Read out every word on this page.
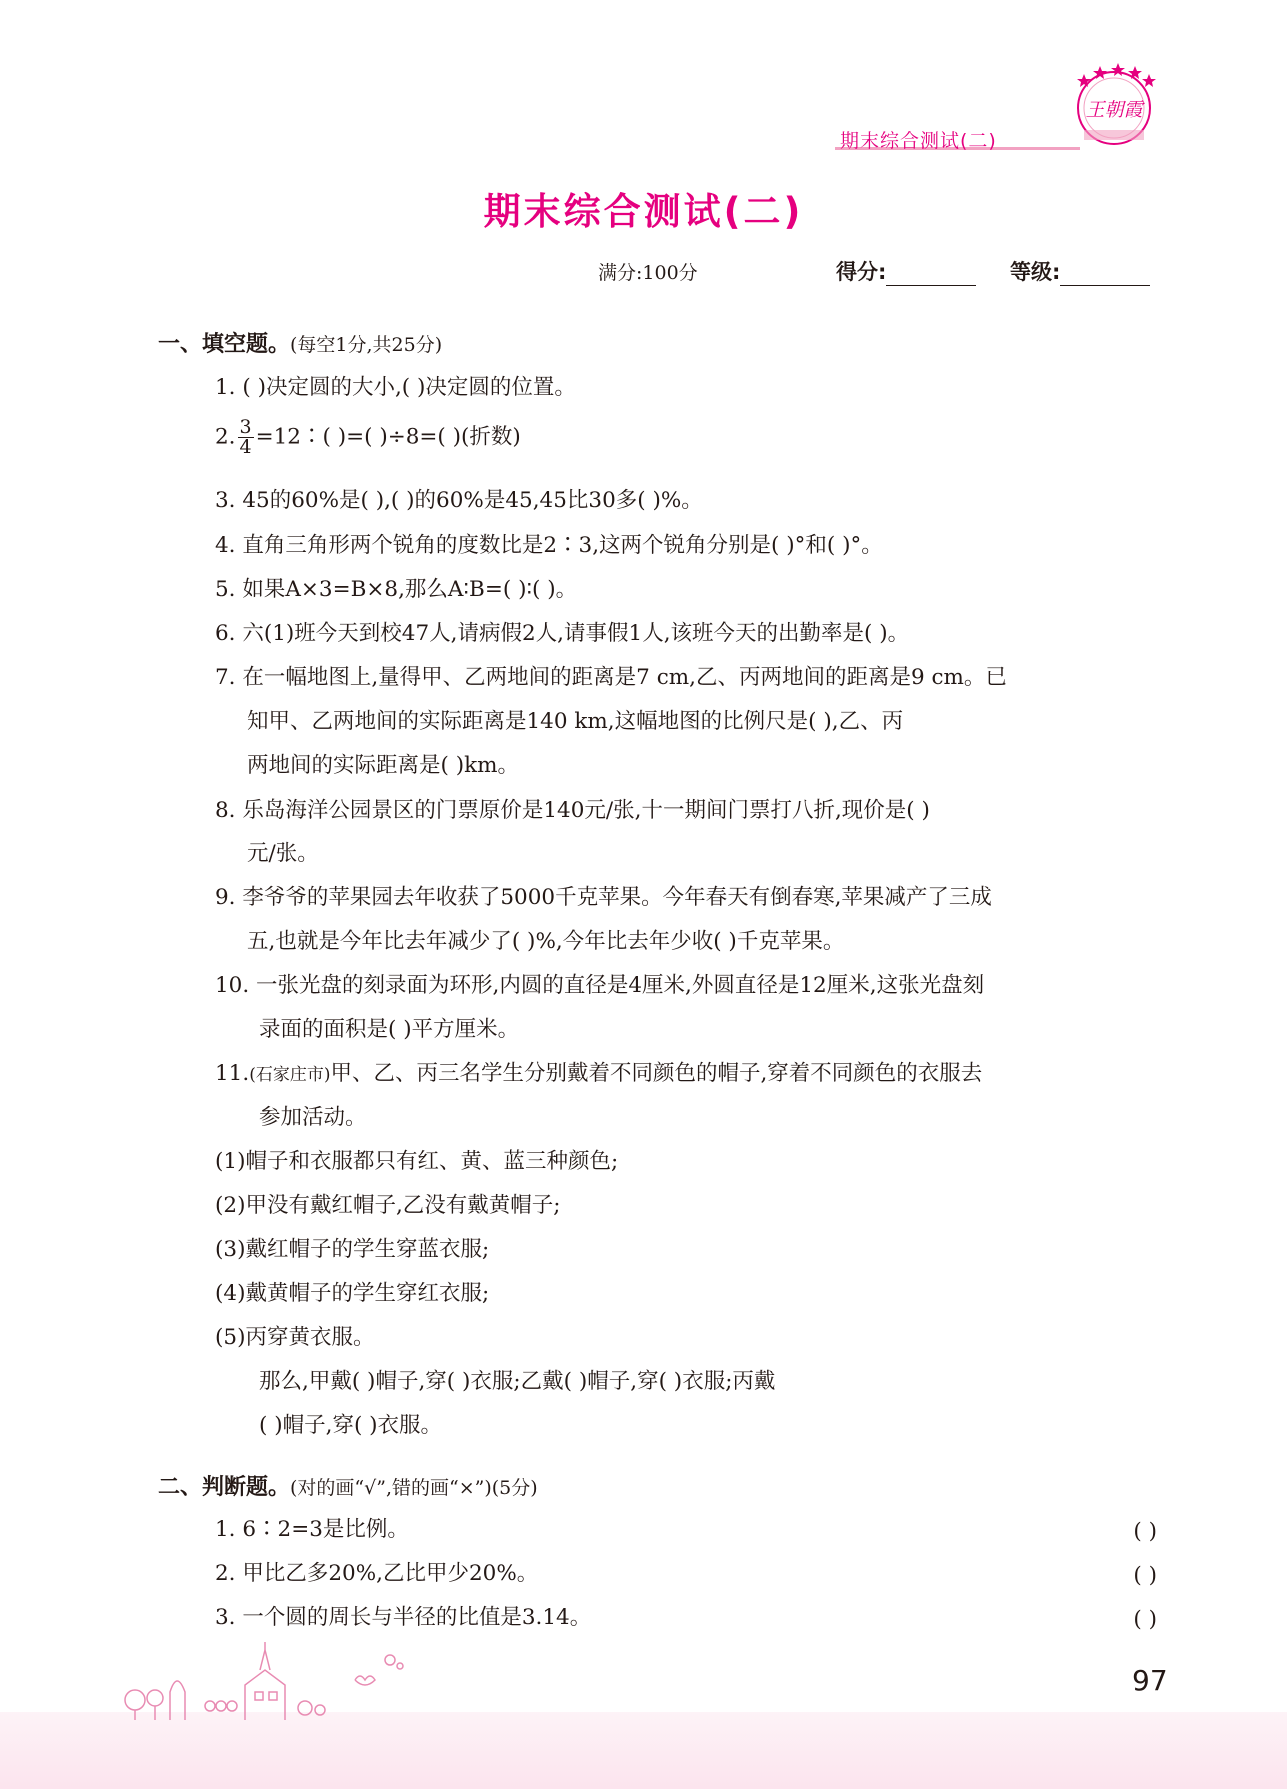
王朝霞
期末综合测试(二)
期末综合测试(二)
满分:100分	得分:	等级:
一、填空题。(每空1分,共25分)
1. ( )决定圆的大小,( )决定圆的位置。
2. $\frac{3}{4}$ =12∶( )=( )÷8=( )(折数)
3. 45的60%是( ),( )的60%是45,45比30多( )%。
4. 直角三角形两个锐角的度数比是2∶3,这两个锐角分别是( )°和( )°。
5. 如果A×3=B×8,那么A∶B=( )∶( )。
6. 六(1)班今天到校47人,请病假2人,请事假1人,该班今天的出勤率是( )。
7. 在一幅地图上,量得甲、乙两地间的距离是7 cm,乙、丙两地间的距离是9 cm。已
知甲、乙两地间的实际距离是140 km,这幅地图的比例尺是( ),乙、丙
两地间的实际距离是( )km。
8. 乐岛海洋公园景区的门票原价是140元/张,十一期间门票打八折,现价是( )
元/张。
9. 李爷爷的苹果园去年收获了5000千克苹果。今年春天有倒春寒,苹果减产了三成
五,也就是今年比去年减少了( )%,今年比去年少收( )千克苹果。
10. 一张光盘的刻录面为环形,内圆的直径是4厘米,外圆直径是12厘米,这张光盘刻
录面的面积是( )平方厘米。
11.(石家庄市)甲、乙、丙三名学生分别戴着不同颜色的帽子,穿着不同颜色的衣服去
参加活动。
(1)帽子和衣服都只有红、黄、蓝三种颜色;
(2)甲没有戴红帽子,乙没有戴黄帽子;
(3)戴红帽子的学生穿蓝衣服;
(4)戴黄帽子的学生穿红衣服;
(5)丙穿黄衣服。
那么,甲戴( )帽子,穿( )衣服;乙戴( )帽子,穿( )衣服;丙戴
( )帽子,穿( )衣服。
二、判断题。(对的画“√”,错的画“×”)(5分)
1. 6∶2=3是比例。	( )
2. 甲比乙多20%,乙比甲少20%。	( )
3. 一个圆的周长与半径的比值是3.14。	( )
97
